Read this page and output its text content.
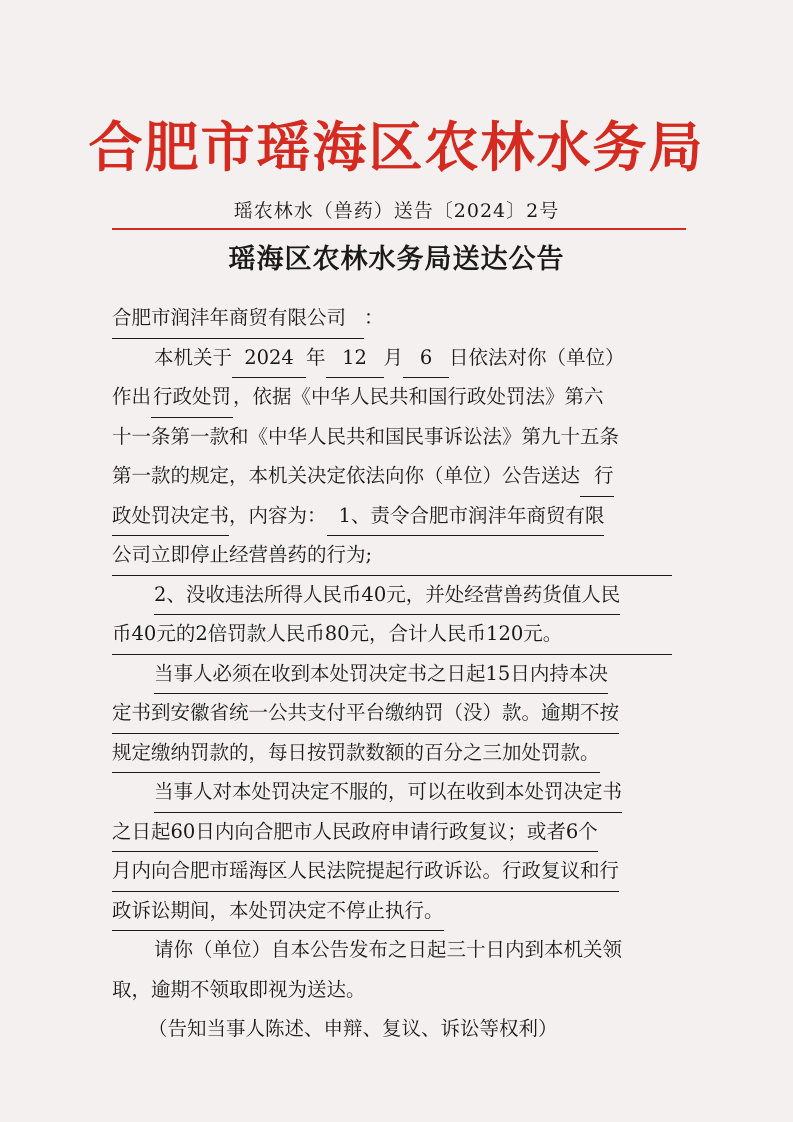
合肥市瑶海区农林水务局
瑶农林水（兽药）送告〔2024〕2号
瑶海区农林水务局送达公告
合肥市润沣年商贸有限公司 ：
本机关于 2024 年 12 月 6 日依法对你（单位）
作出 行政处罚 ，依据《中华人民共和国行政处罚法》第六
十一条第一款和《中华人民共和国民事诉讼法》第九十五条
第一款的规定，本机关决定依法向你（单位）公告送达 行
政处罚决定书，内容为： 1、责令合肥市润沣年商贸有限
公司立即停止经营兽药的行为;
2、没收违法所得人民币40元，并处经营兽药货值人民
币40元的2倍罚款人民币80元，合计人民币120元。
当事人必须在收到本处罚决定书之日起15日内持本决
定书到安徽省统一公共支付平台缴纳罚（没）款。逾期不按
规定缴纳罚款的，每日按罚款数额的百分之三加处罚款。
当事人对本处罚决定不服的，可以在收到本处罚决定书
之日起60日内向合肥市人民政府申请行政复议；或者6个
月内向合肥市瑶海区人民法院提起行政诉讼。行政复议和行
政诉讼期间，本处罚决定不停止执行。
请你（单位）自本公告发布之日起三十日内到本机关领
取，逾期不领取即视为送达。
（告知当事人陈述、申辩、复议、诉讼等权利）
